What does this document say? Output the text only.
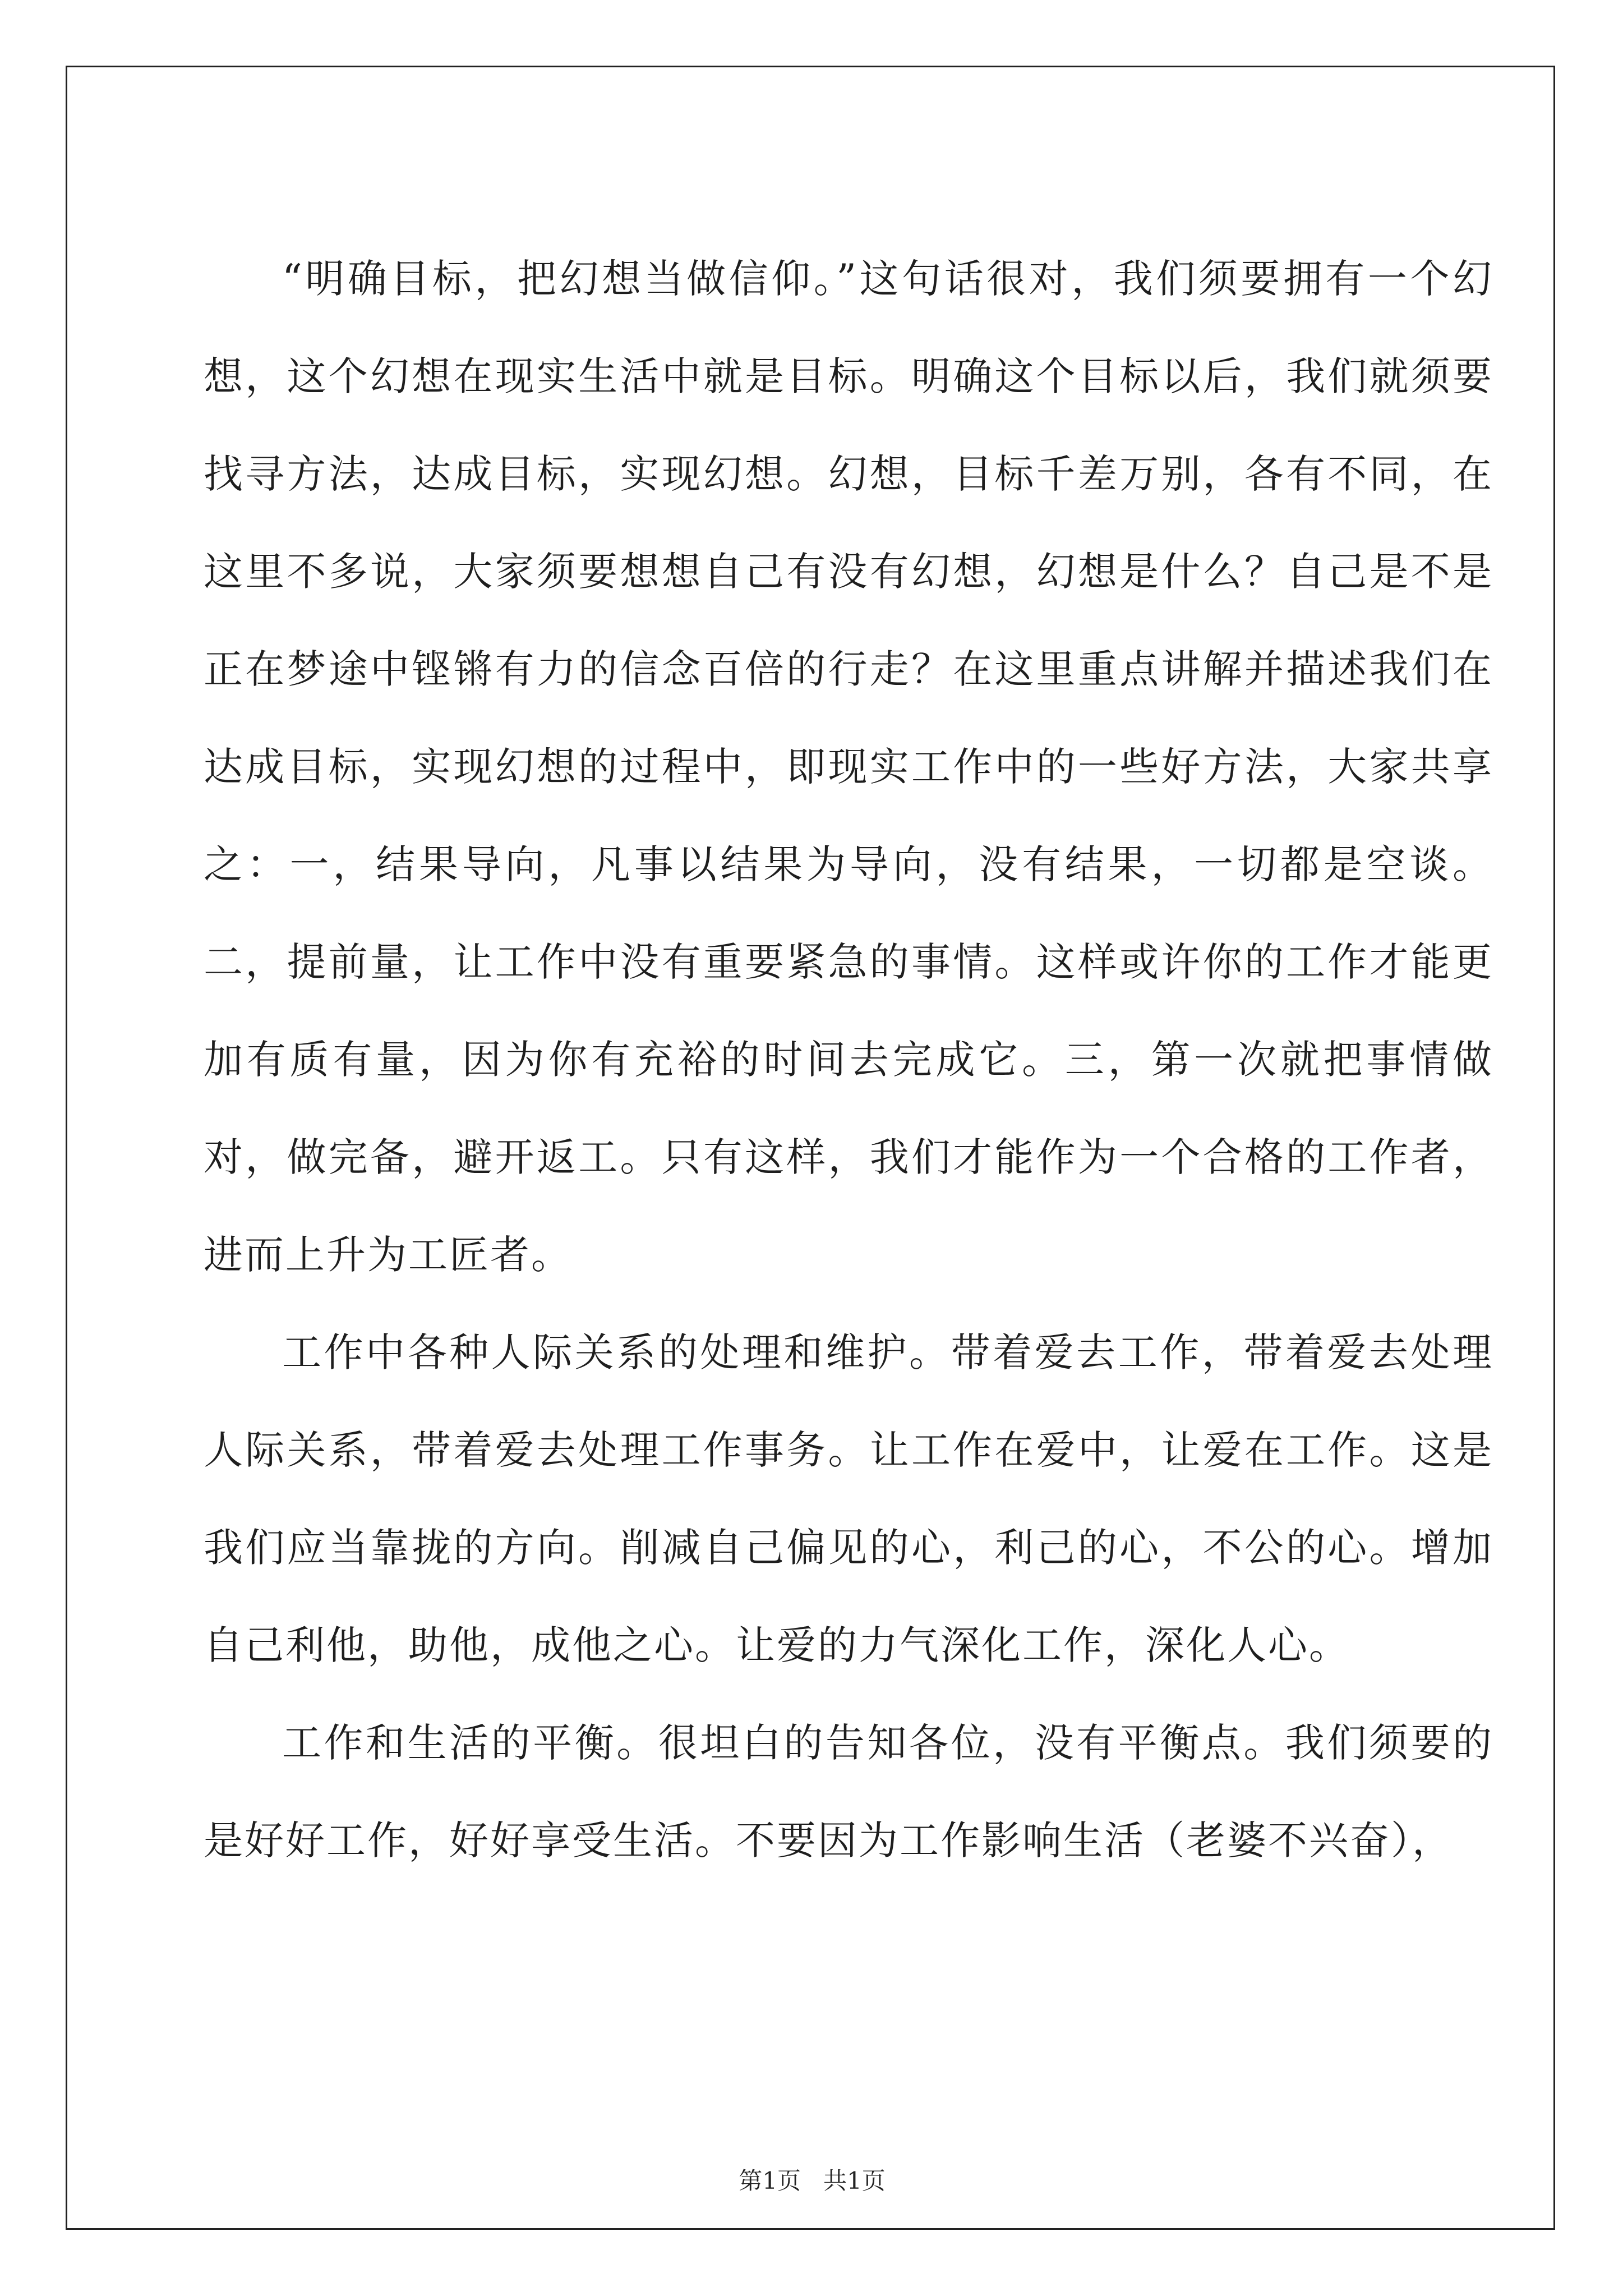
“明确目标，把幻想当做信仰。”这句话很对，我们须要拥有一个幻想，这个幻想在现实生活中就是目标。明确这个目标以后，我们就须要找寻方法，达成目标，实现幻想。幻想，目标千差万别，各有不同，在这里不多说，大家须要想想自己有没有幻想，幻想是什么？自己是不是正在梦途中铿锵有力的信念百倍的行走？在这里重点讲解并描述我们在达成目标，实现幻想的过程中，即现实工作中的一些好方法，大家共享之：一，结果导向，凡事以结果为导向，没有结果，一切都是空谈。二，提前量，让工作中没有重要紧急的事情。这样或许你的工作才能更加有质有量，因为你有充裕的时间去完成它。三，第一次就把事情做对，做完备，避开返工。只有这样，我们才能作为一个合格的工作者，进而上升为工匠者。

工作中各种人际关系的处理和维护。带着爱去工作，带着爱去处理人际关系，带着爱去处理工作事务。让工作在爱中，让爱在工作。这是我们应当靠拢的方向。削减自己偏见的心，利己的心，不公的心。增加自己利他，助他，成他之心。让爱的力气深化工作，深化人心。

工作和生活的平衡。很坦白的告知各位，没有平衡点。我们须要的是好好工作，好好享受生活。不要因为工作影响生活（老婆不兴奋），

第1页   共1页
